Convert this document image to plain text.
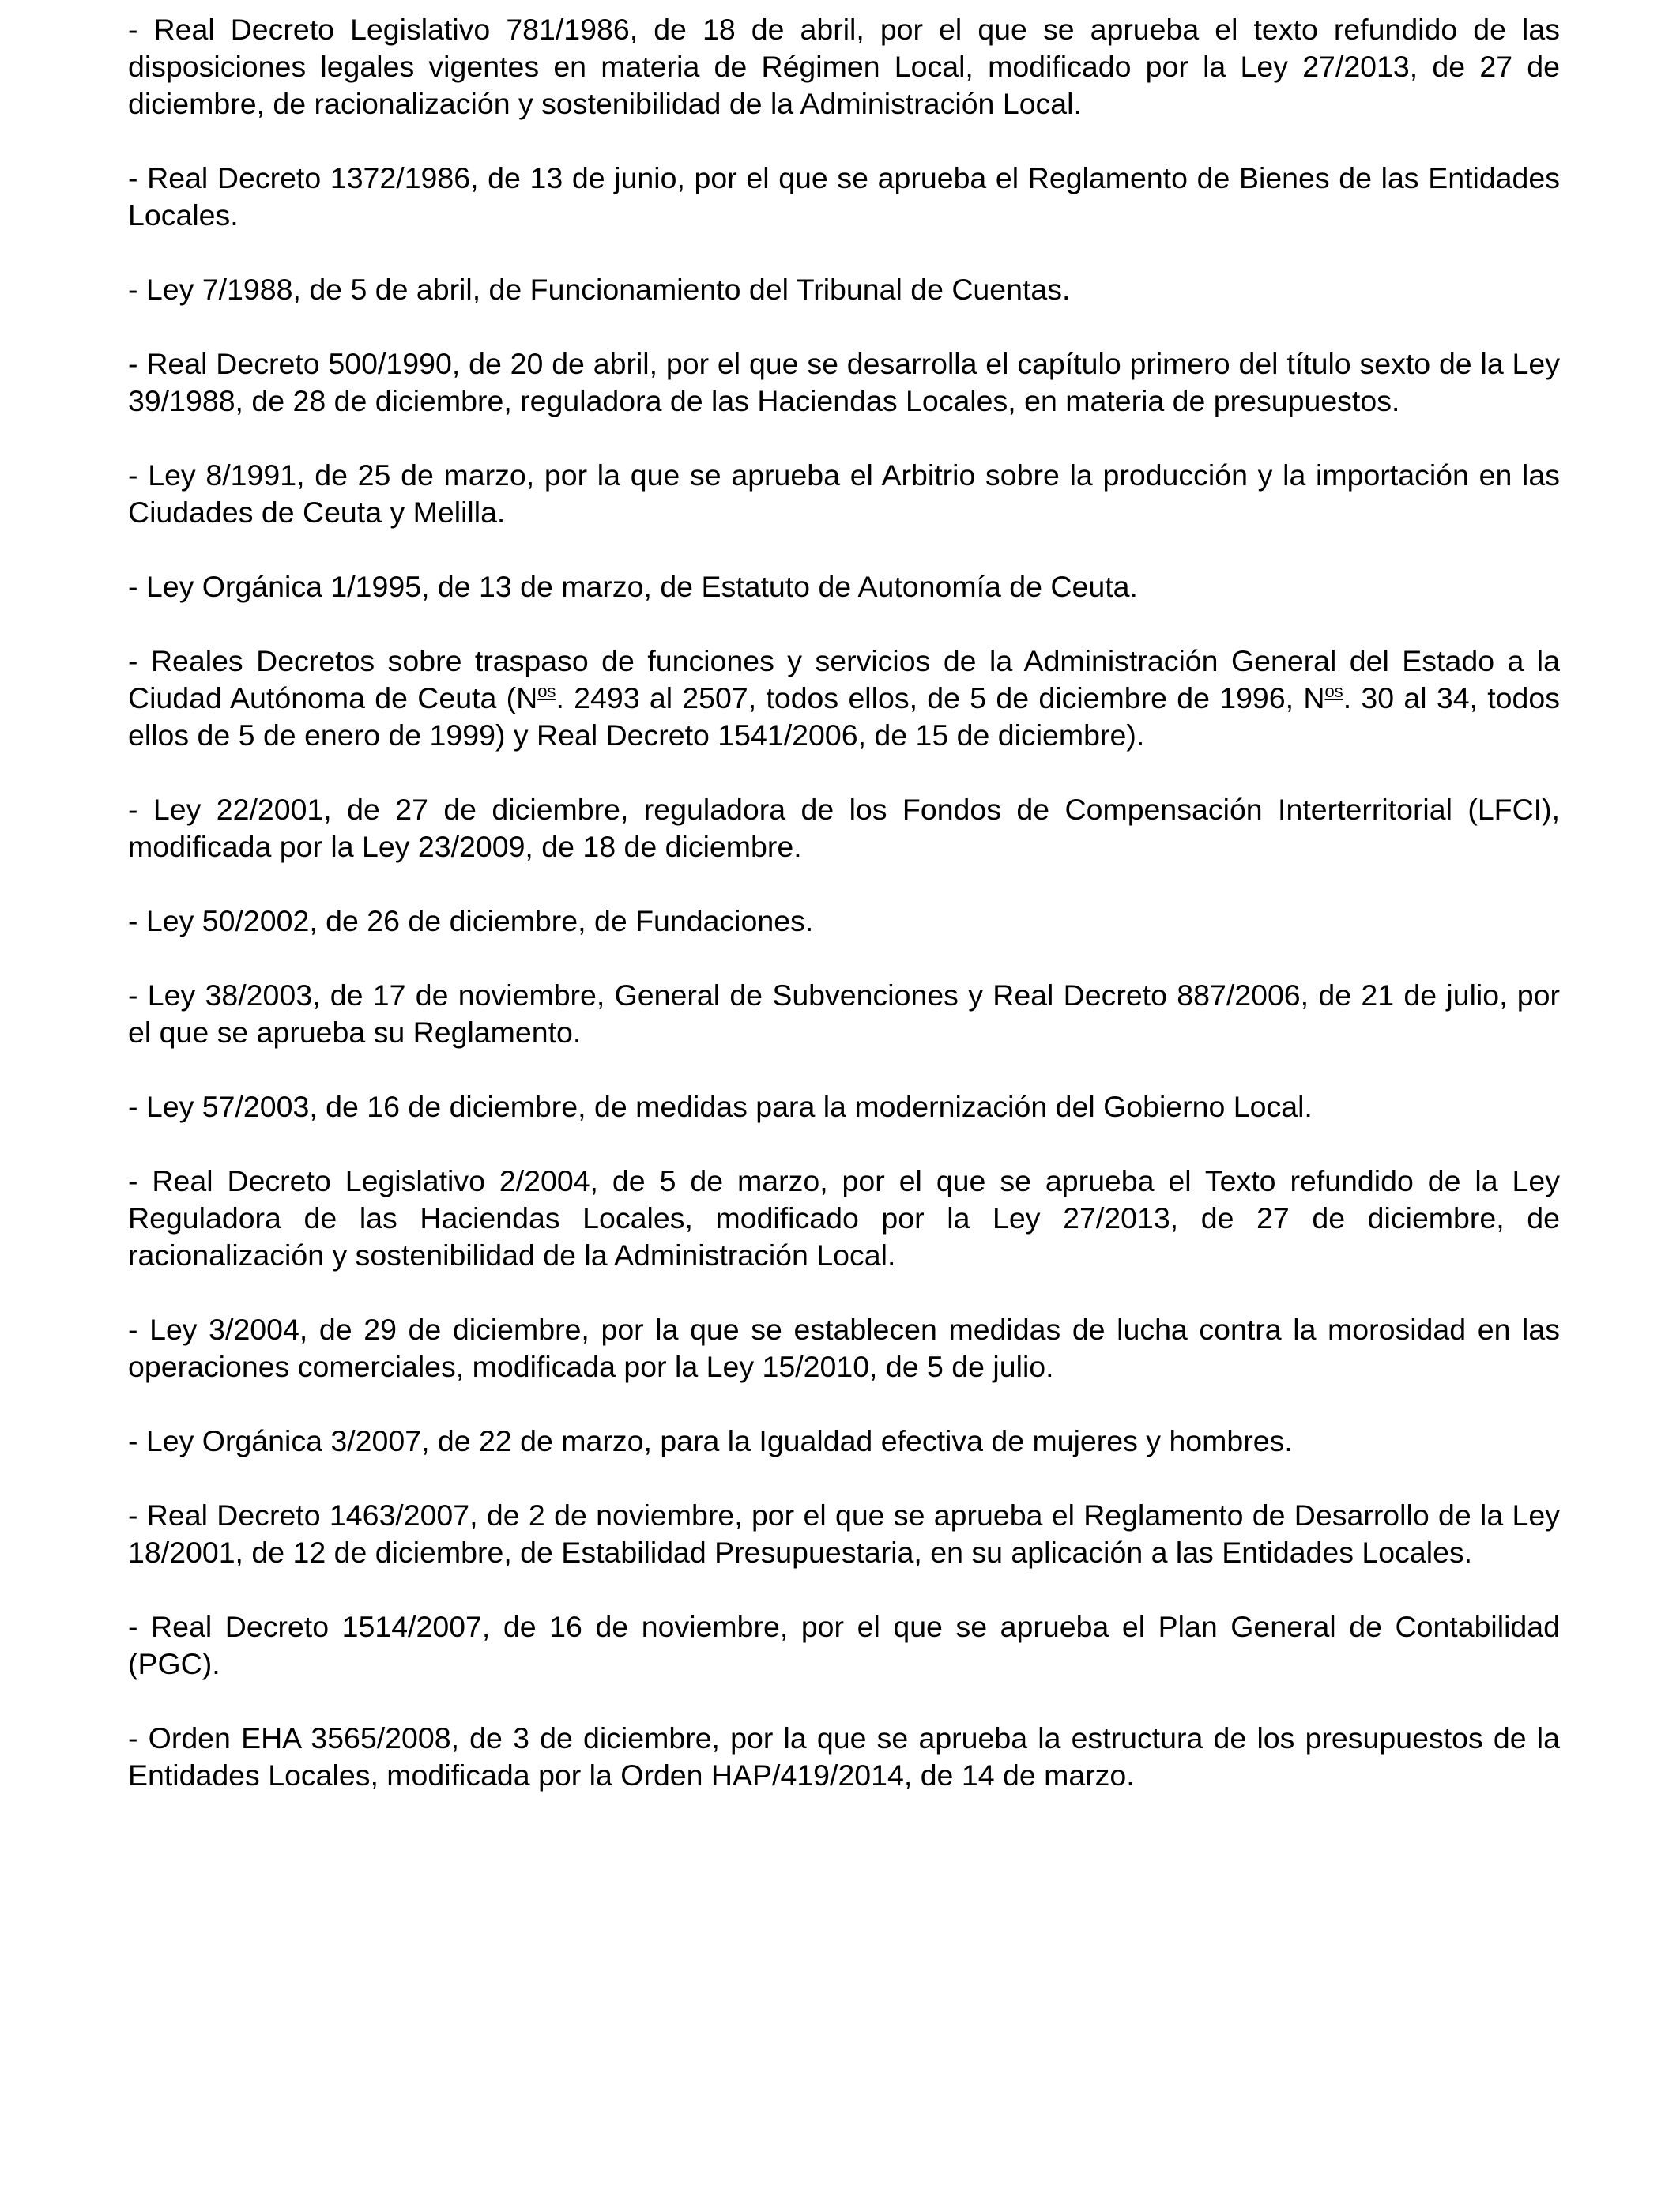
- Real Decreto Legislativo 781/1986, de 18 de abril, por el que se aprueba el texto refundido de las disposiciones legales vigentes en materia de Régimen Local, modificado por la Ley 27/2013, de 27 de diciembre, de racionalización y sostenibilidad de la Administración Local.

- Real Decreto 1372/1986, de 13 de junio, por el que se aprueba el Reglamento de Bienes de las Entidades Locales.

- Ley 7/1988, de 5 de abril, de Funcionamiento del Tribunal de Cuentas.

- Real Decreto 500/1990, de 20 de abril, por el que se desarrolla el capítulo primero del título sexto de la Ley 39/1988, de 28 de diciembre, reguladora de las Haciendas Locales, en materia de presupuestos.

- Ley 8/1991, de 25 de marzo, por la que se aprueba el Arbitrio sobre la producción y la importación en las Ciudades de Ceuta y Melilla.

- Ley Orgánica 1/1995, de 13 de marzo, de Estatuto de Autonomía de Ceuta.

- Reales Decretos sobre traspaso de funciones y servicios de la Administración General del Estado a la Ciudad Autónoma de Ceuta ($N^{os}$. 2493 al 2507, todos ellos, de 5 de diciembre de 1996, $N^{os}$. 30 al 34, todos ellos de 5 de enero de 1999) y Real Decreto 1541/2006, de 15 de diciembre).

- Ley 22/2001, de 27 de diciembre, reguladora de los Fondos de Compensación Interterritorial (LFCI), modificada por la Ley 23/2009, de 18 de diciembre.

- Ley 50/2002, de 26 de diciembre, de Fundaciones.

- Ley 38/2003, de 17 de noviembre, General de Subvenciones y Real Decreto 887/2006, de 21 de julio, por el que se aprueba su Reglamento.

- Ley 57/2003, de 16 de diciembre, de medidas para la modernización del Gobierno Local.

- Real Decreto Legislativo 2/2004, de 5 de marzo, por el que se aprueba el Texto refundido de la Ley Reguladora de las Haciendas Locales, modificado por la Ley 27/2013, de 27 de diciembre, de racionalización y sostenibilidad de la Administración Local.

- Ley 3/2004, de 29 de diciembre, por la que se establecen medidas de lucha contra la morosidad en las operaciones comerciales, modificada por la Ley 15/2010, de 5 de julio.

- Ley Orgánica 3/2007, de 22 de marzo, para la Igualdad efectiva de mujeres y hombres.

- Real Decreto 1463/2007, de 2 de noviembre, por el que se aprueba el Reglamento de Desarrollo de la Ley 18/2001, de 12 de diciembre, de Estabilidad Presupuestaria, en su aplicación a las Entidades Locales.

- Real Decreto 1514/2007, de 16 de noviembre, por el que se aprueba el Plan General de Contabilidad (PGC).

- Orden EHA 3565/2008, de 3 de diciembre, por la que se aprueba la estructura de los presupuestos de la Entidades Locales, modificada por la Orden HAP/419/2014, de 14 de marzo.
